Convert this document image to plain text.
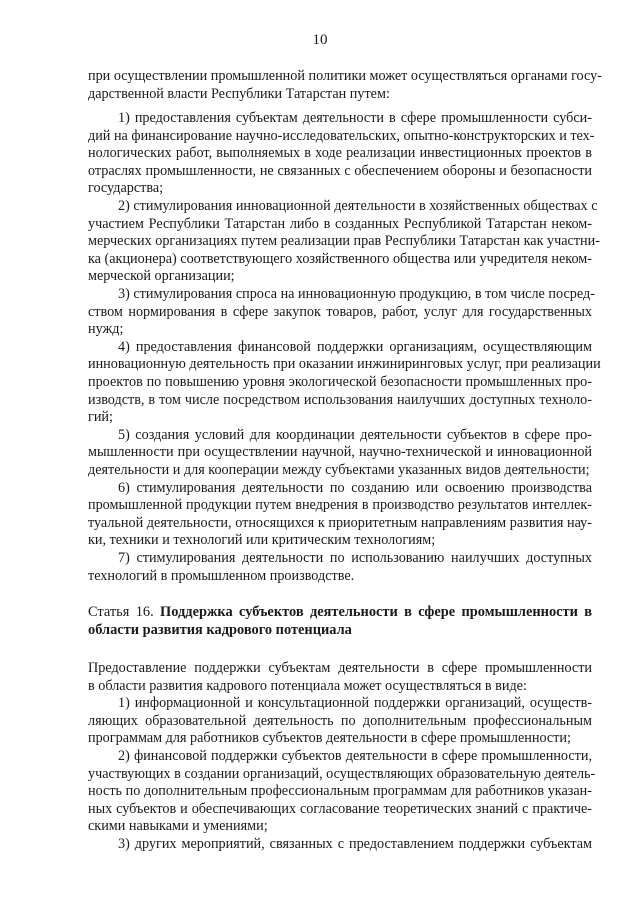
10
при осуществлении промышленной политики может осуществляться органами госу-
дарственной власти Республики Татарстан путем:
1) предоставления субъектам деятельности в сфере промышленности субси-
дий на финансирование научно-исследовательских, опытно-конструкторских и тех-
нологических работ, выполняемых в ходе реализации инвестиционных проектов в
отраслях промышленности, не связанных с обеспечением обороны и безопасности
государства;
2) стимулирования инновационной деятельности в хозяйственных обществах с
участием Республики Татарстан либо в созданных Республикой Татарстан неком-
мерческих организациях путем реализации прав Республики Татарстан как участни-
ка (акционера) соответствующего хозяйственного общества или учредителя неком-
мерческой организации;
3) стимулирования спроса на инновационную продукцию, в том числе посред-
ством нормирования в сфере закупок товаров, работ, услуг для государственных
нужд;
4) предоставления финансовой поддержки организациям, осуществляющим
инновационную деятельность при оказании инжиниринговых услуг, при реализации
проектов по повышению уровня экологической безопасности промышленных про-
изводств, в том числе посредством использования наилучших доступных техноло-
гий;
5) создания условий для координации деятельности субъектов в сфере про-
мышленности при осуществлении научной, научно-технической и инновационной
деятельности и для кооперации между субъектами указанных видов деятельности;
6) стимулирования деятельности по созданию или освоению производства
промышленной продукции путем внедрения в производство результатов интеллек-
туальной деятельности, относящихся к приоритетным направлениям развития нау-
ки, техники и технологий или критическим технологиям;
7) стимулирования деятельности по использованию наилучших доступных
технологий в промышленном производстве.
Статья 16. Поддержка субъектов деятельности в сфере промышленности в
области развития кадрового потенциала
Предоставление поддержки субъектам деятельности в сфере промышленности
в области развития кадрового потенциала может осуществляться в виде:
1) информационной и консультационной поддержки организаций, осуществ-
ляющих образовательной деятельность по дополнительным профессиональным
программам для работников субъектов деятельности в сфере промышленности;
2) финансовой поддержки субъектов деятельности в сфере промышленности,
участвующих в создании организаций, осуществляющих образовательную деятель-
ность по дополнительным профессиональным программам для работников указан-
ных субъектов и обеспечивающих согласование теоретических знаний с практиче-
скими навыками и умениями;
3) других мероприятий, связанных с предоставлением поддержки субъектам
